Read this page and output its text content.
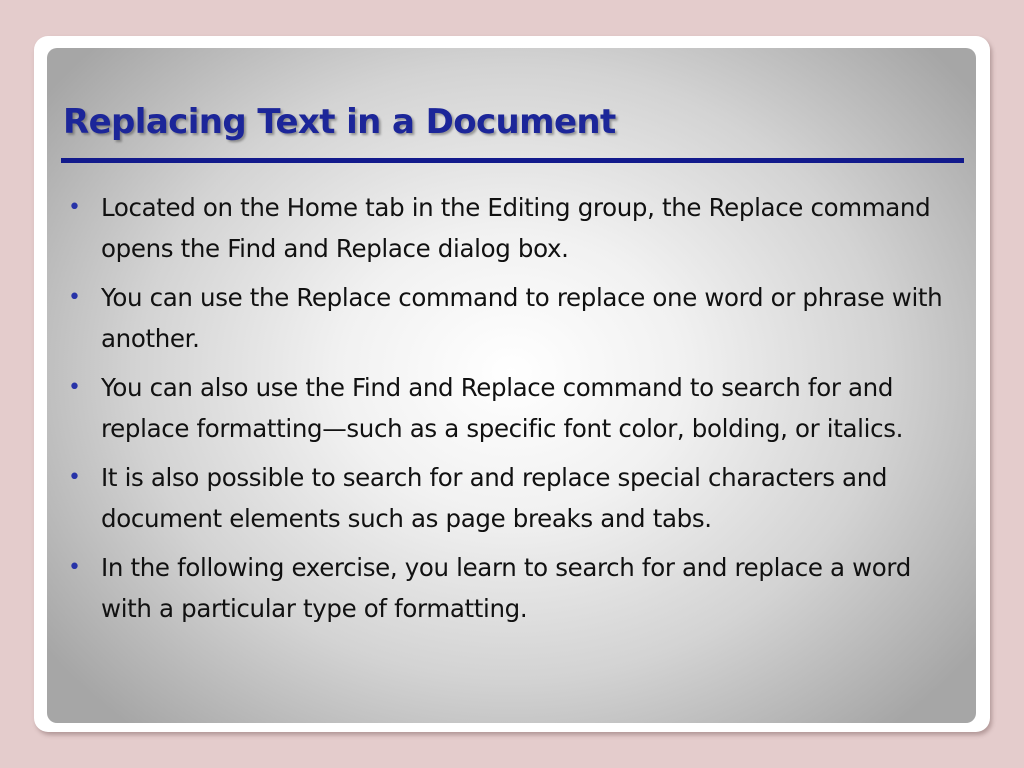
Replacing Text in a Document
• Located on the Home tab in the Editing group, the Replace command opens the Find and Replace dialog box.
• You can use the Replace command to replace one word or phrase with another.
• You can also use the Find and Replace command to search for and replace formatting—such as a specific font color, bolding, or italics.
• It is also possible to search for and replace special characters and document elements such as page breaks and tabs.
• In the following exercise, you learn to search for and replace a word with a particular type of formatting.
